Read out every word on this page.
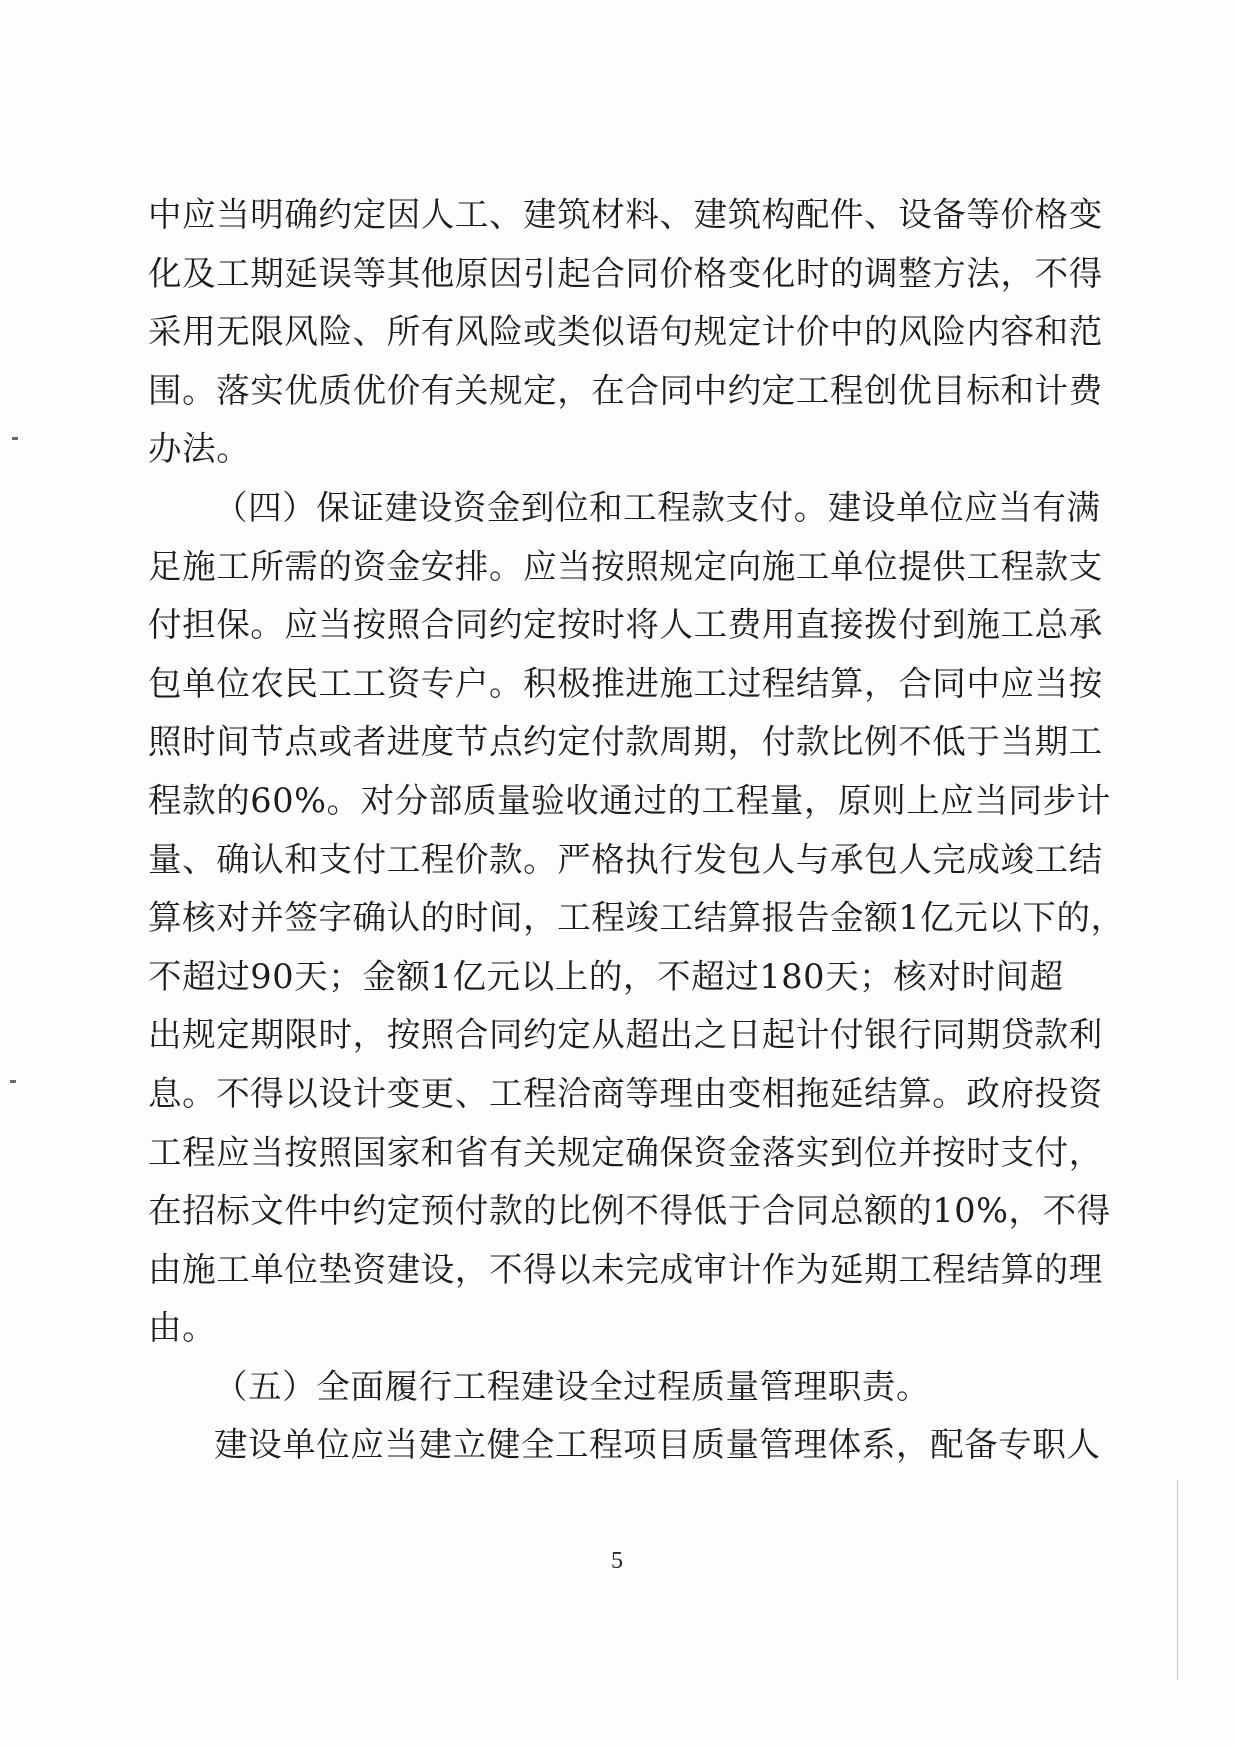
中应当明确约定因人工、建筑材料、建筑构配件、设备等价格变
化及工期延误等其他原因引起合同价格变化时的调整方法，不得
采用无限风险、所有风险或类似语句规定计价中的风险内容和范
围。落实优质优价有关规定，在合同中约定工程创优目标和计费
办法。
（四）保证建设资金到位和工程款支付。建设单位应当有满
足施工所需的资金安排。应当按照规定向施工单位提供工程款支
付担保。应当按照合同约定按时将人工费用直接拨付到施工总承
包单位农民工工资专户。积极推进施工过程结算，合同中应当按
照时间节点或者进度节点约定付款周期，付款比例不低于当期工
程款的60%。对分部质量验收通过的工程量，原则上应当同步计
量、确认和支付工程价款。严格执行发包人与承包人完成竣工结
算核对并签字确认的时间，工程竣工结算报告金额1亿元以下的，
不超过90天；金额1亿元以上的，不超过180天；核对时间超
出规定期限时，按照合同约定从超出之日起计付银行同期贷款利
息。不得以设计变更、工程洽商等理由变相拖延结算。政府投资
工程应当按照国家和省有关规定确保资金落实到位并按时支付，
在招标文件中约定预付款的比例不得低于合同总额的10%，不得
由施工单位垫资建设，不得以未完成审计作为延期工程结算的理
由。
（五）全面履行工程建设全过程质量管理职责。
建设单位应当建立健全工程项目质量管理体系，配备专职人
5
